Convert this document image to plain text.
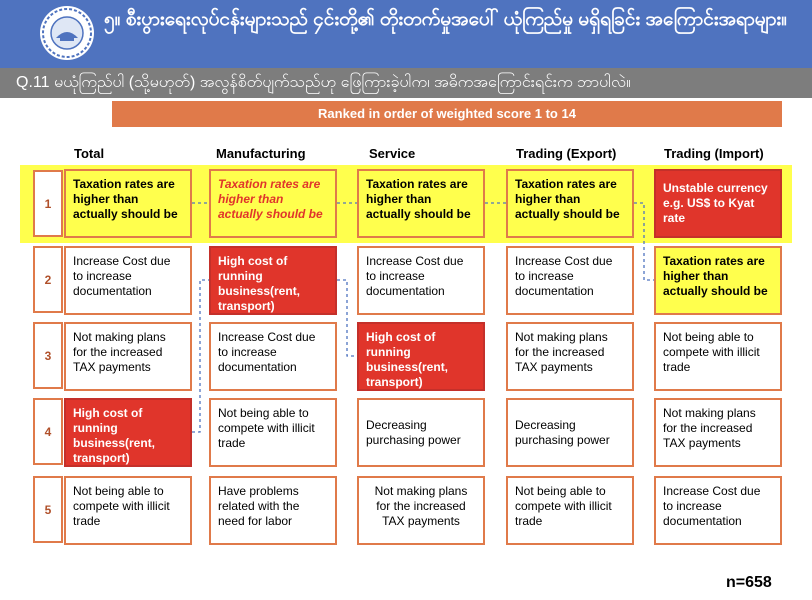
၅။ စီးပွားရေးလုပ်ငန်းများသည် ၄င်းတို့၏ တိုးတက်မှုအပေါ် ယုံကြည်မှု မရှိရခြင်း အကြောင်းအရာများ။
Q.11 မယုံကြည်ပါ (သို့မဟုတ်) အလွန်စိတ်ပျက်သည်ဟု ဖြေကြားခဲ့ပါက၊ အဓိကအကြောင်းရင်းက ဘာပါလဲ။
Ranked in order of weighted score 1 to 14
Total	Manufacturing	Service	Trading (Export)	Trading (Import)
1
Taxation rates are higher than actually should be
Taxation rates are higher than actually should be
Taxation rates are higher than actually should be
Taxation rates are higher than actually should be
Unstable currency e.g. US$ to Kyat rate
2
Increase Cost due to increase documentation
High cost of running business(rent, transport)
Increase Cost due to increase documentation
Increase Cost due to increase documentation
Taxation rates are higher than actually should be
3
Not making plans for the increased TAX payments
Increase Cost due to increase documentation
High cost of running business(rent, transport)
Not making plans for the increased TAX payments
Not being able to compete with illicit trade
4
High cost of running business(rent, transport)
Not being able to compete with illicit trade
Decreasing purchasing power
Decreasing purchasing power
Not making plans for the increased TAX payments
5
Not being able to compete with illicit trade
Have problems related with the need for labor
Not making plans for the increased TAX payments
Not being able to compete with illicit trade
Increase Cost due to increase documentation
n=658
